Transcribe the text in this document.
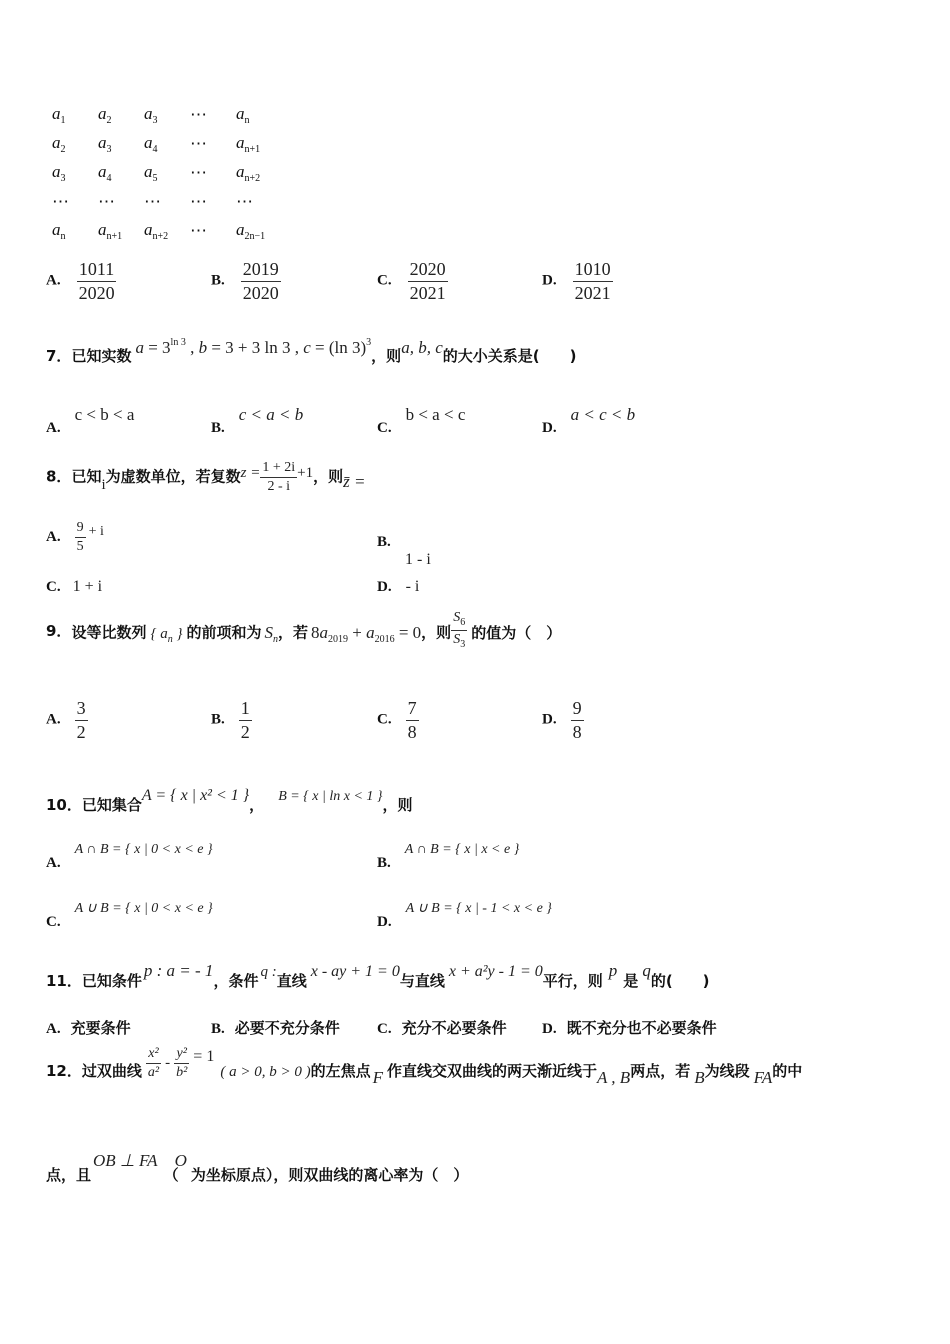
$a_1$	$a_2$	$a_3$	⋯	$a_n$
$a_2$	$a_3$	$a_4$	⋯	$a_{n+1}$
$a_3$	$a_4$	$a_5$	⋯	$a_{n+2}$
⋯	⋯	⋯	⋯	⋯
$a_n$	$a_{n+1}$	$a_{n+2}$	⋯	$a_{2n-1}$
A. $\frac{1011}{2020}$	B. $\frac{2019}{2020}$	C. $\frac{2020}{2021}$	D. $\frac{1010}{2021}$
7．已知实数 $a = 3^{ln 3}$ , b = 3 + 3 ln 3 , c = (ln 3)$^3$，则a, b, c的大小关系是(　　)
A.c < b < a
B.c < a < b
C.b < a < c
D.a < c < b
8．已知i为虚数单位，若复数$z = \frac{1 + 2i}{2 - i} +1$，则z̄ =
A. $\frac{9}{5} + i$
B.
1 - i
C. 1 + i	D. - i
9．设等比数列 { $a_n$ } 的前项和为 $S_n$，若 $8a_{2019} + a_{2016} = 0$，则 $\frac{S_6}{S_3}$ 的值为（　）
A. $\frac{3}{2}$	B. $\frac{1}{2}$	C. $\frac{7}{8}$	D. $\frac{9}{8}$
10．已知集合A = { x | x² < 1 }， B = { x | ln x < 1 }，则
A.A ∩ B = { x | 0 < x < e }
B.A ∩ B = { x | x < e }
C.A ∪ B = { x | 0 < x < e }
D.A ∪ B = { x | - 1 < x < e }
11．已知条件p : a = - 1，条件 q :直线x - ay + 1 = 0与直线x + a²y - 1 = 0平行，则p是q的(　　)
A. 充要条件	B. 必要不充分条件 C. 充分不必要条件 D. 既不充分也不必要条件
12．过双曲线 $\frac{\text{x²}}{\text{a²}} - \frac{\text{y²}}{\text{b²}} = 1$( a > 0, b > 0 )的左焦点 F 作直线交双曲线的两天渐近线于A , B两点，若 B为线段 FA的中
点，且OB ⊥ FA（O为坐标原点），则双曲线的离心率为（　）
